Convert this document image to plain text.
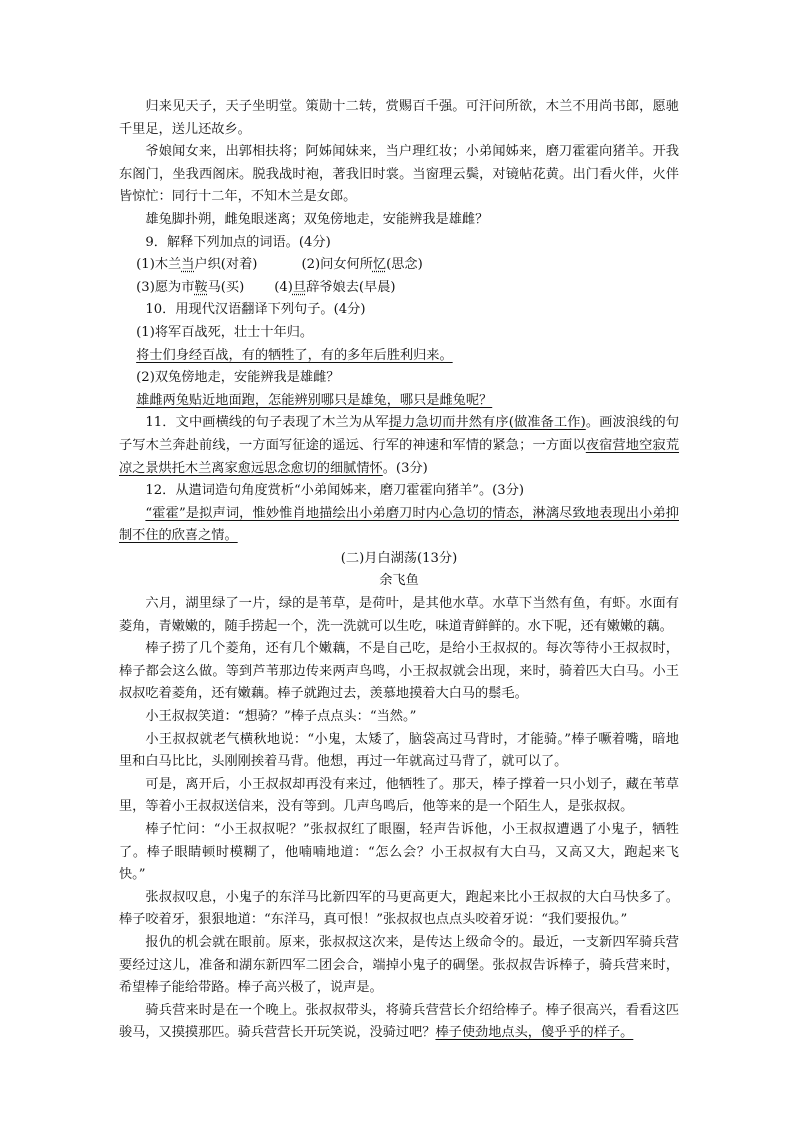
归来见天子，天子坐明堂。策勋十二转，赏赐百千强。可汗问所欲，木兰不用尚书郎，愿驰千里足，送儿还故乡。

爷娘闻女来，出郭相扶将；阿姊闻妹来，当户理红妆；小弟闻姊来，磨刀霍霍向猪羊。开我东阁门，坐我西阁床。脱我战时袍，著我旧时裳。当窗理云鬓，对镜帖花黄。出门看火伴，火伴皆惊忙：同行十二年，不知木兰是女郎。

雄兔脚扑朔，雌兔眼迷离；双兔傍地走，安能辨我是雄雌？

9．解释下列加点的词语。(4分)

(1)木兰当户织(对着)	(2)问女何所忆(思念)

(3)愿为市鞍马(买) (4)旦辞爷娘去(早晨)

10．用现代汉语翻译下列句子。(4分)

(1)将军百战死，壮士十年归。

将士们身经百战，有的牺牲了，有的多年后胜利归来。

(2)双兔傍地走，安能辨我是雄雌？

雄雌两兔贴近地面跑，怎能辨别哪只是雄兔，哪只是雌兔呢？

11．文中画横线的句子表现了木兰为从军提力急切而井然有序(做准备工作)。画波浪线的句子写木兰奔赴前线，一方面写征途的遥远、行军的神速和军情的紧急；一方面以夜宿营地空寂荒凉之景烘托木兰离家愈远思念愈切的细腻情怀。(3分)

12．从遣词造句角度赏析“小弟闻姊来，磨刀霍霍向猪羊”。(3分)

“霍霍”是拟声词，惟妙惟肖地描绘出小弟磨刀时内心急切的情态，淋漓尽致地表现出小弟抑制不住的欣喜之情。

(二)月白湖荡(13分)

余飞鱼

六月，湖里绿了一片，绿的是苇草，是荷叶，是其他水草。水草下当然有鱼，有虾。水面有菱角，青嫩嫩的，随手捞起一个，洗一洗就可以生吃，味道青鲜鲜的。水下呢，还有嫩嫩的藕。

棒子捞了几个菱角，还有几个嫩藕，不是自己吃，是给小王叔叔的。每次等待小王叔叔时，棒子都会这么做。等到芦苇那边传来两声鸟鸣，小王叔叔就会出现，来时，骑着匹大白马。小王叔叔吃着菱角，还有嫩藕。棒子就跑过去，羡慕地摸着大白马的鬃毛。

小王叔叔笑道：“想骑？”棒子点点头：“当然。”

小王叔叔就老气横秋地说：“小鬼，太矮了，脑袋高过马背时，才能骑。”棒子噘着嘴，暗地里和白马比比，头刚刚挨着马背。他想，再过一年就高过马背了，就可以了。

可是，离开后，小王叔叔却再没有来过，他牺牲了。那天，棒子撑着一只小划子，藏在苇草里，等着小王叔叔送信来，没有等到。几声鸟鸣后，他等来的是一个陌生人，是张叔叔。

棒子忙问：“小王叔叔呢？”张叔叔红了眼圈，轻声告诉他，小王叔叔遭遇了小鬼子，牺牲了。棒子眼睛顿时模糊了，他喃喃地道：“怎么会？小王叔叔有大白马，又高又大，跑起来飞快。”

张叔叔叹息，小鬼子的东洋马比新四军的马更高更大，跑起来比小王叔叔的大白马快多了。棒子咬着牙，狠狠地道：“东洋马，真可恨！”张叔叔也点点头咬着牙说：“我们要报仇。”

报仇的机会就在眼前。原来，张叔叔这次来，是传达上级命令的。最近，一支新四军骑兵营要经过这儿，准备和湖东新四军二团会合，端掉小鬼子的碉堡。张叔叔告诉棒子，骑兵营来时，希望棒子能给带路。棒子高兴极了，说声是。

骑兵营来时是在一个晚上。张叔叔带头，将骑兵营营长介绍给棒子。棒子很高兴，看看这匹骏马，又摸摸那匹。骑兵营营长开玩笑说，没骑过吧？棒子使劲地点头，傻乎乎的样子。
